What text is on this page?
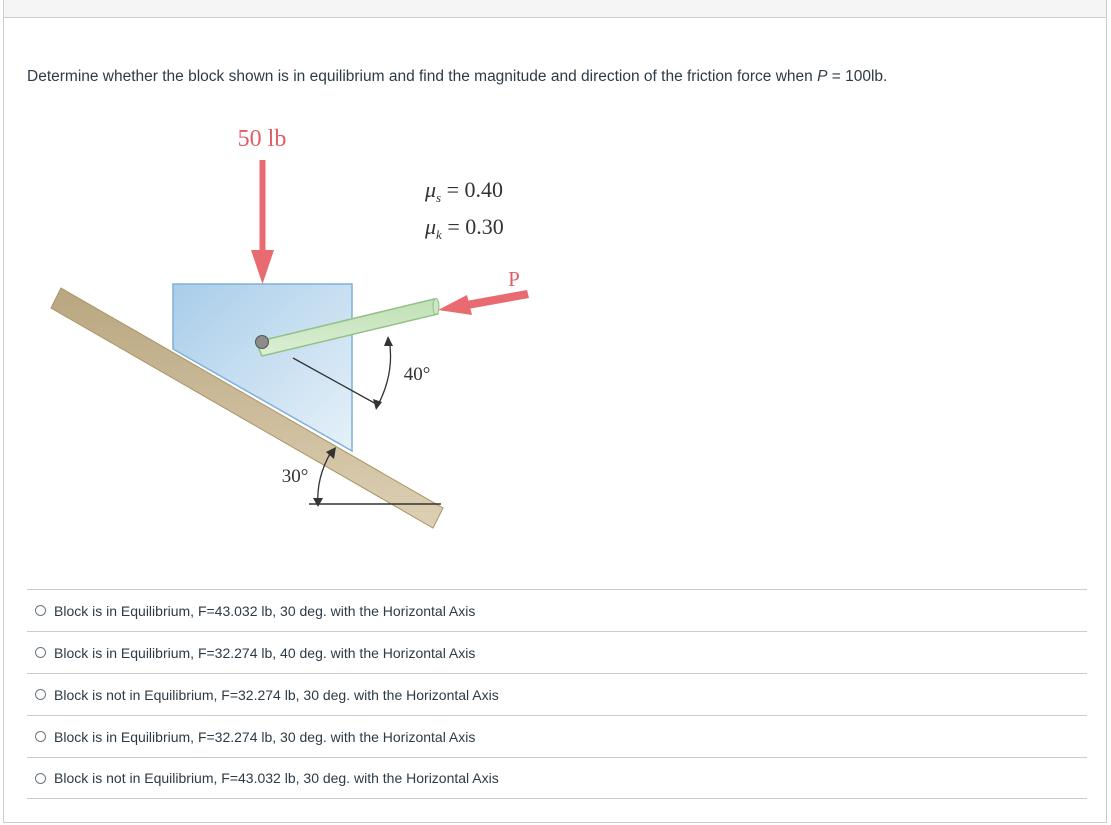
Determine whether the block shown is in equilibrium and find the magnitude and direction of the friction force when P = 100lb.
50 lb
30°
P
40°
$\mu_s = 0.40$
$\mu_k = 0.30$
Block is in Equilibrium, F=43.032 lb, 30 deg. with the Horizontal Axis
Block is in Equilibrium, F=32.274 lb, 40 deg. with the Horizontal Axis
Block is not in Equilibrium, F=32.274 lb, 30 deg. with the Horizontal Axis
Block is in Equilibrium, F=32.274 lb, 30 deg. with the Horizontal Axis
Block is not in Equilibrium, F=43.032 lb, 30 deg. with the Horizontal Axis
